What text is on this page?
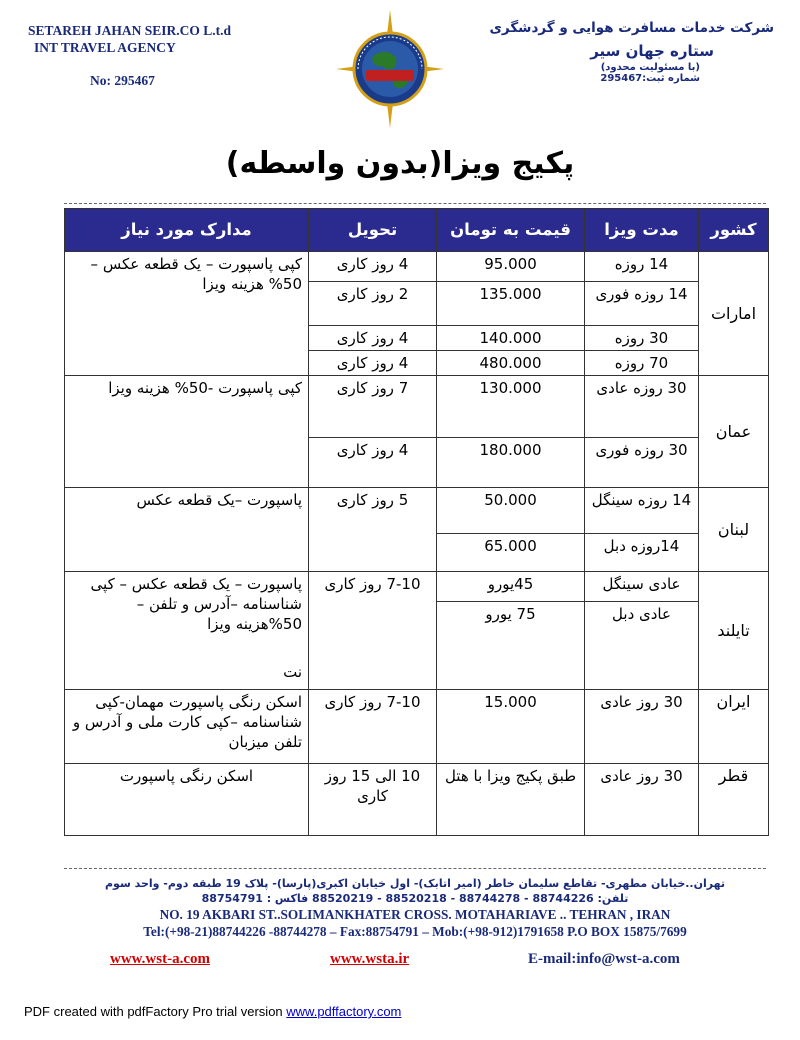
SETAREH JAHAN SEIR.CO L.t.d
INT TRAVEL AGENCY
No: 295467
شرکت خدمات مسافرت هوایی و گردشگری
ستاره جهان سیر
(با مسئولیت محدود)
شماره ثبت:295467
پکیج ویزا(بدون واسطه)
کشور	مدت ویزا	قیمت به تومان	تحویل	مدارک مورد نیاز
امارات	14 روزه	95.000	4 روز کاری	کپی پاسپورت – یک قطعه عکس – 50% هزینه ویزا
	14 روزه فوری	135.000	2 روز کاری	
	30 روزه	140.000	4 روز کاری	
	70 روزه	480.000	4 روز کاری	
عمان	30 روزه عادی	130.000	7 روز کاری	کپی پاسپورت -50% هزینه ویزا
	30 روزه فوری	180.000	4 روز کاری	
لبنان	14 روزه سینگل	50.000	5 روز کاری	پاسپورت –یک قطعه عکس
	14روزه دبل	65.000		
تایلند	عادی سینگل	45یورو	7-10 روز کاری	پاسپورت – یک قطعه عکس – کپی شناسنامه –آدرس و تلفن – 50%هزینه ویزا
نت

	عادی دبل	75 یورو		
ایران	30 روز عادی	15.000	7-10 روز کاری	اسکن رنگی پاسپورت مهمان-کپی شناسنامه –کپی کارت ملی و آدرس و تلفن میزبان
قطر	30 روز عادی	طبق پکیج ویزا با هتل	10 الی 15 روز کاری	اسکن رنگی پاسپورت
تهران..خیابان مطهری- تقاطع سلیمان خاطر (امیر اتابک)- اول خیابان اکبری(پارسا)- پلاک 19 طبقه دوم- واحد سوم
تلفن: 88744226 - 88744278 - 88520218 - 88520219 فاکس : 88754791
NO. 19 AKBARI ST..SOLIMANKHATER CROSS. MOTAHARIAVE .. TEHRAN , IRAN
Tel:(+98-21)88744226 -88744278 – Fax:88754791 – Mob:(+98-912)1791658 P.O BOX 15875/7699
www.wst-a.com	www.wsta.ir	E-mail:info@wst-a.com
PDF created with pdfFactory Pro trial version www.pdffactory.com
